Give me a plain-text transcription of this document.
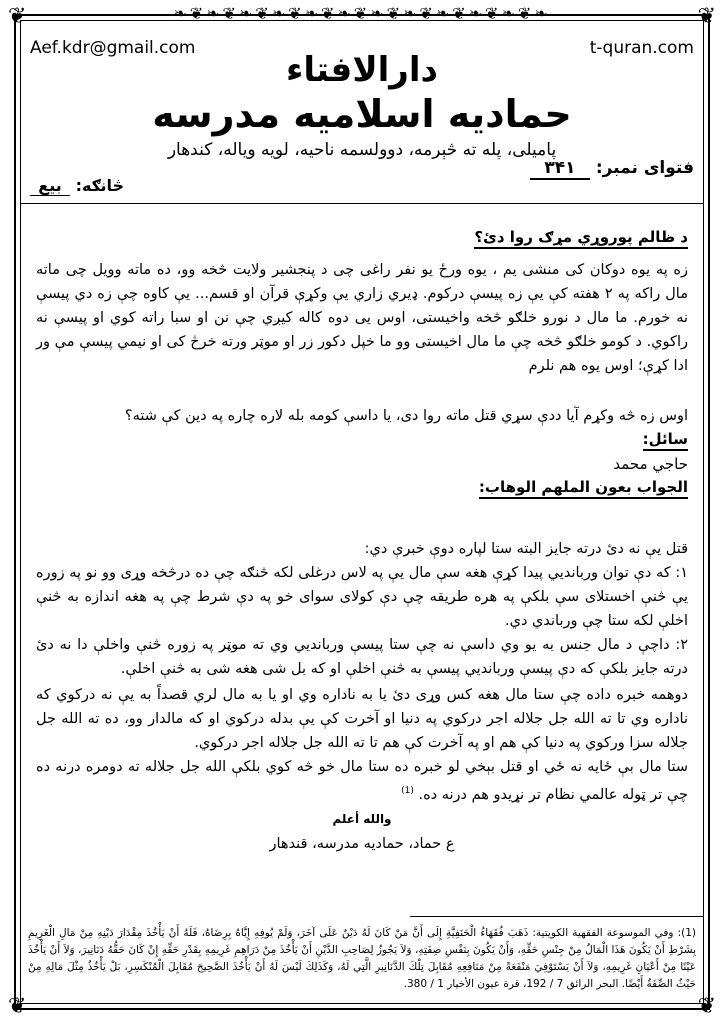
❦	❦
❦	❦
❧❦❧❦❧❦❧❦❧❦❧❦❧❦❧❦❧❦❧❦❧❦❧
Aef.kdr@gmail.com	t-quran.com
دارالافتاء
حمادیه اسلامیه مدرسه
پامیلی، پله ته څېرمه، دوولسمه ناحیه، لویه ویاله، کندهار
فتوای نمبر: ۳۴۱
څانګه: بیع
د ظالم پوروړي مړګ روا دئ؟
زه په یوه دوکان کی منشی یم ، یوه ورځ یو نفر راغی چی د پنجشیر ولایت څخه وو، ده ماته وویل چی ماته مال راکه په ۲ هفته کې یې زه پیسې درکوم. ډیري زاري یې وکړې قرآن او قسم... یې کاوه چې زه دي پیسې نه خورم. ما مال د نورو خلګو څخه واخیستی، اوس یی دوه کاله کیږي چې نن او سبا راته کوي او پیسې نه راکوي. د کومو خلګو څخه چې ما مال اخیستی وو ما خپل دکور زر او موټر ورته خرڅ کی او نیمي پیسې مې ور ادا کړې؛ اوس یوه هم نلرم
اوس زه څه وکړم آیا ددې سړي قتل ماته روا دی، یا داسې کومه بله لاره چاره په دین کې شته؟
سائل:
حاجي محمد
الجواب بعون الملهم الوهاب:
قتل یې نه دئ درته جایز البته ستا لپاره دوې خبرې دي:
۱: که دې توان وربانديي پیدا کړې هغه سې مال یې په لاس درغلی لکه څنګه چې ده درڅخه وړی وو نو په زوره یې څنې اخستلای سې بلکې په هره طریقه چې دې کولای سوای خو په دې شرط چې په هغه اندازه به څنې اخلې لکه ستا چې ورباندي دي.
۲: داچې د مال جنس به یو وي داسې نه چې ستا پیسې وربانديي وي ته موټر په زوره څنې واخلې دا نه دئ درته جایز بلکې که دې پیسې وربانديي پیسې به څنې اخلې او که بل شی هغه شی به څنې اخلې.
دوهمه خبره داده چې ستا مال هغه کس وړی دئ یا به ناداره وي او یا به مال لري قصداً به یې نه درکوي که ناداره وي تا ته الله جل جلاله اجر درکوي په دنیا او آخرت کې یې بدله درکوي او که مالدار وو، ده ته الله جل جلاله سزا ورکوي په دنیا کې هم او په آخرت کې هم تا ته الله جل جلاله اجر درکوي.
ستا مال بې ځایه نه ځي او قتل بېخي لو خبره ده ستا مال خو څه کوي بلکې الله جل جلاله ته دومره درنه ده چې تر ټوله عالمي نظام تر نړیدو هم درنه ده. $^{(1)}$
والله أعلم
ع حماد، حمادیه مدرسه، قندهار
(1): وفي الموسوعة الفقهية الكويتية: ذَهَبَ فُقَهَاءُ الْحَنَفِيَّةِ إِلَى أَنَّ مَنْ كَانَ لَهُ دَيْنٌ عَلَى آخَرَ، وَلَمْ يُوفِهِ إِيَّاهُ بِرِضَاهُ، فَلَهُ أَنْ يَأْخُذَ مِقْدَارَ دَيْنِهِ مِنْ مَالِ الْغَرِيمِ بِشَرْطِ أَنْ يَكُونَ هَذَا الْمَالُ مِنْ جِنْسِ حَقِّهِ، وَأَنْ يَكُونَ بِنَفْسِ صِفَتِهِ، وَلاَ يَجُوزُ لِصَاحِبِ الدَّيْنِ أَنْ يَأْخُذَ مِنْ دَرَاهِمِ غَرِيمِهِ بِقَدْرِ حَقِّهِ إِنْ كَانَ حَقُّهُ دَنَانِيرَ، وَلاَ أَنْ يَأْخُذَ عَيْنًا مِنْ أَعْيَانِ غَرِيمِهِ، وَلاَ أَنْ يَسْتَوْفِيَ مَنْفَعَةً مِنْ مَنَافِعِهِ مُقَابِلَ تِلْكَ الدَّنَانِيرِ الَّتِي لَهُ، وَكَذَلِكَ لَيْسَ لَهُ أَنْ يَأْخُذَ الصَّحِيحَ مُقَابِلَ الْمُنْكَسِرِ، بَلْ يَأْخُذُ مِثْلَ مَالِهِ مِنْ حَيْثُ الصِّفَةُ أَيْضًا. البحر الرائق 7 / 192، قرة عيون الأخيار 1 / 380.
